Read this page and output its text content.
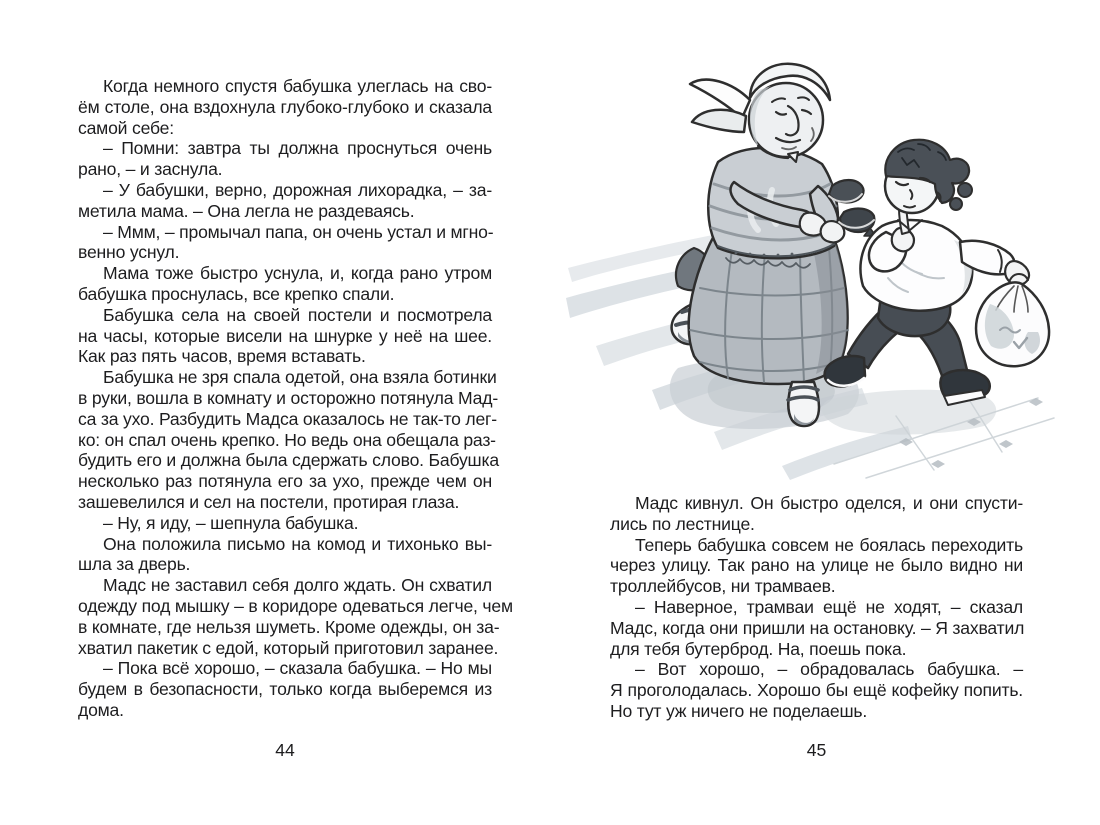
Когда немного спустя бабушка улеглась на сво-
ём столе, она вздохнула глубоко-глубоко и сказала
самой себе:
– Помни: завтра ты должна проснуться очень
рано, – и заснула.
– У бабушки, верно, дорожная лихорадка, – за-
метила мама. – Она легла не раздеваясь.
– Ммм, – промычал папа, он очень устал и мгно-
венно уснул.
Мама тоже быстро уснула, и, когда рано утром
бабушка проснулась, все крепко спали.
Бабушка села на своей постели и посмотрела
на часы, которые висели на шнурке у неё на шее.
Как раз пять часов, время вставать.
Бабушка не зря спала одетой, она взяла ботинки
в руки, вошла в комнату и осторожно потянула Мад-
са за ухо. Разбудить Мадса оказалось не так-то лег-
ко: он спал очень крепко. Но ведь она обещала раз-
будить его и должна была сдержать слово. Бабушка
несколько раз потянула его за ухо, прежде чем он
зашевелился и сел на постели, протирая глаза.
– Ну, я иду, – шепнула бабушка.
Она положила письмо на комод и тихонько вы-
шла за дверь.
Мадс не заставил себя долго ждать. Он схватил
одежду под мышку – в коридоре одеваться легче, чем
в комнате, где нельзя шуметь. Кроме одежды, он за-
хватил пакетик с едой, который приготовил заранее.
– Пока всё хорошо, – сказала бабушка. – Но мы
будем в безопасности, только когда выберемся из
дома.
44
Мадс кивнул. Он быстро оделся, и они спусти-
лись по лестнице.
Теперь бабушка совсем не боялась переходить
через улицу. Так рано на улице не было видно ни
троллейбусов, ни трамваев.
– Наверное, трамваи ещё не ходят, – сказал
Мадс, когда они пришли на остановку. – Я захватил
для тебя бутерброд. На, поешь пока.
– Вот хорошо, – обрадовалась бабушка. –
Я проголодалась. Хорошо бы ещё кофейку попить.
Но тут уж ничего не поделаешь.
45
